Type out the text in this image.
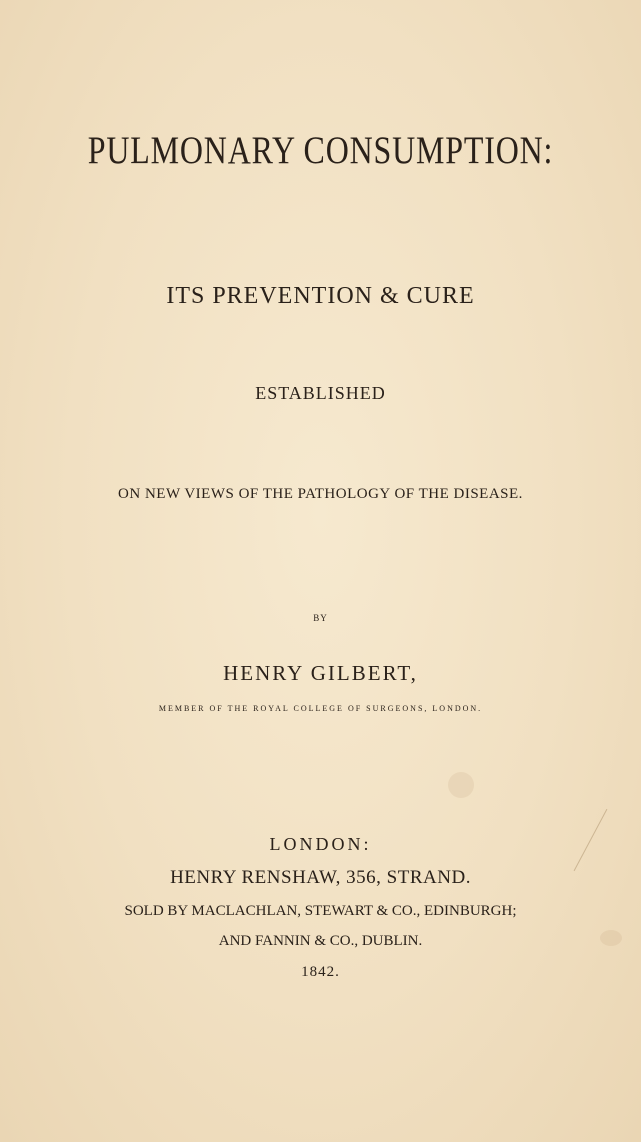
PULMONARY CONSUMPTION:
ITS PREVENTION & CURE
ESTABLISHED
ON NEW VIEWS OF THE PATHOLOGY OF THE DISEASE.
BY
HENRY GILBERT,
MEMBER OF THE ROYAL COLLEGE OF SURGEONS, LONDON.
LONDON:
HENRY RENSHAW, 356, STRAND.
SOLD BY MACLACHLAN, STEWART & CO., EDINBURGH;
AND FANNIN & CO., DUBLIN.
1842.
